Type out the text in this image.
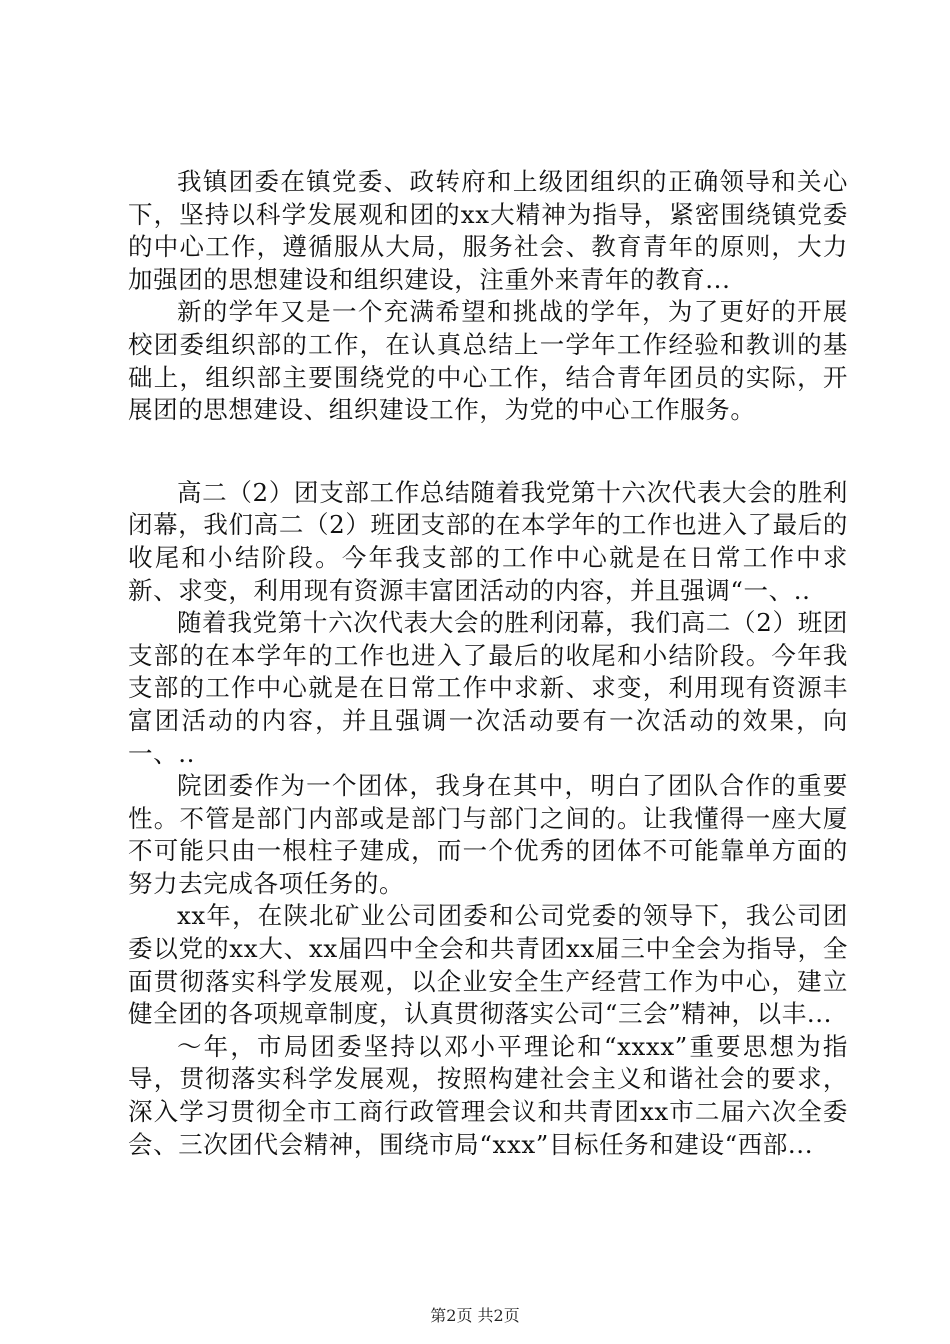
我镇团委在镇党委、政转府和上级团组织的正确领导和关心下，坚持以科学发展观和团的xx大精神为指导，紧密围绕镇党委的中心工作，遵循服从大局，服务社会、教育青年的原则，大力加强团的思想建设和组织建设，注重外来青年的教育...

新的学年又是一个充满希望和挑战的学年，为了更好的开展校团委组织部的工作，在认真总结上一学年工作经验和教训的基础上，组织部主要围绕党的中心工作，结合青年团员的实际，开展团的思想建设、组织建设工作，为党的中心工作服务。

高二（2）团支部工作总结随着我党第十六次代表大会的胜利闭幕，我们高二（2）班团支部的在本学年的工作也进入了最后的收尾和小结阶段。今年我支部的工作中心就是在日常工作中求新、求变，利用现有资源丰富团活动的内容，并且强调“一、..

随着我党第十六次代表大会的胜利闭幕，我们高二（2）班团支部的在本学年的工作也进入了最后的收尾和小结阶段。今年我支部的工作中心就是在日常工作中求新、求变，利用现有资源丰富团活动的内容，并且强调一次活动要有一次活动的效果，向一、..

院团委作为一个团体，我身在其中，明白了团队合作的重要性。不管是部门内部或是部门与部门之间的。让我懂得一座大厦不可能只由一根柱子建成，而一个优秀的团体不可能靠单方面的努力去完成各项任务的。

xx年，在陕北矿业公司团委和公司党委的领导下，我公司团委以党的xx大、xx届四中全会和共青团xx届三中全会为指导，全面贯彻落实科学发展观，以企业安全生产经营工作为中心，建立健全团的各项规章制度，认真贯彻落实公司“三会”精神，以丰...

～年，市局团委坚持以邓小平理论和“xxxx”重要思想为指导，贯彻落实科学发展观，按照构建社会主义和谐社会的要求，深入学习贯彻全市工商行政管理会议和共青团xx市二届六次全委会、三次团代会精神，围绕市局“xxx”目标任务和建设“西部...

第2页 共2页
